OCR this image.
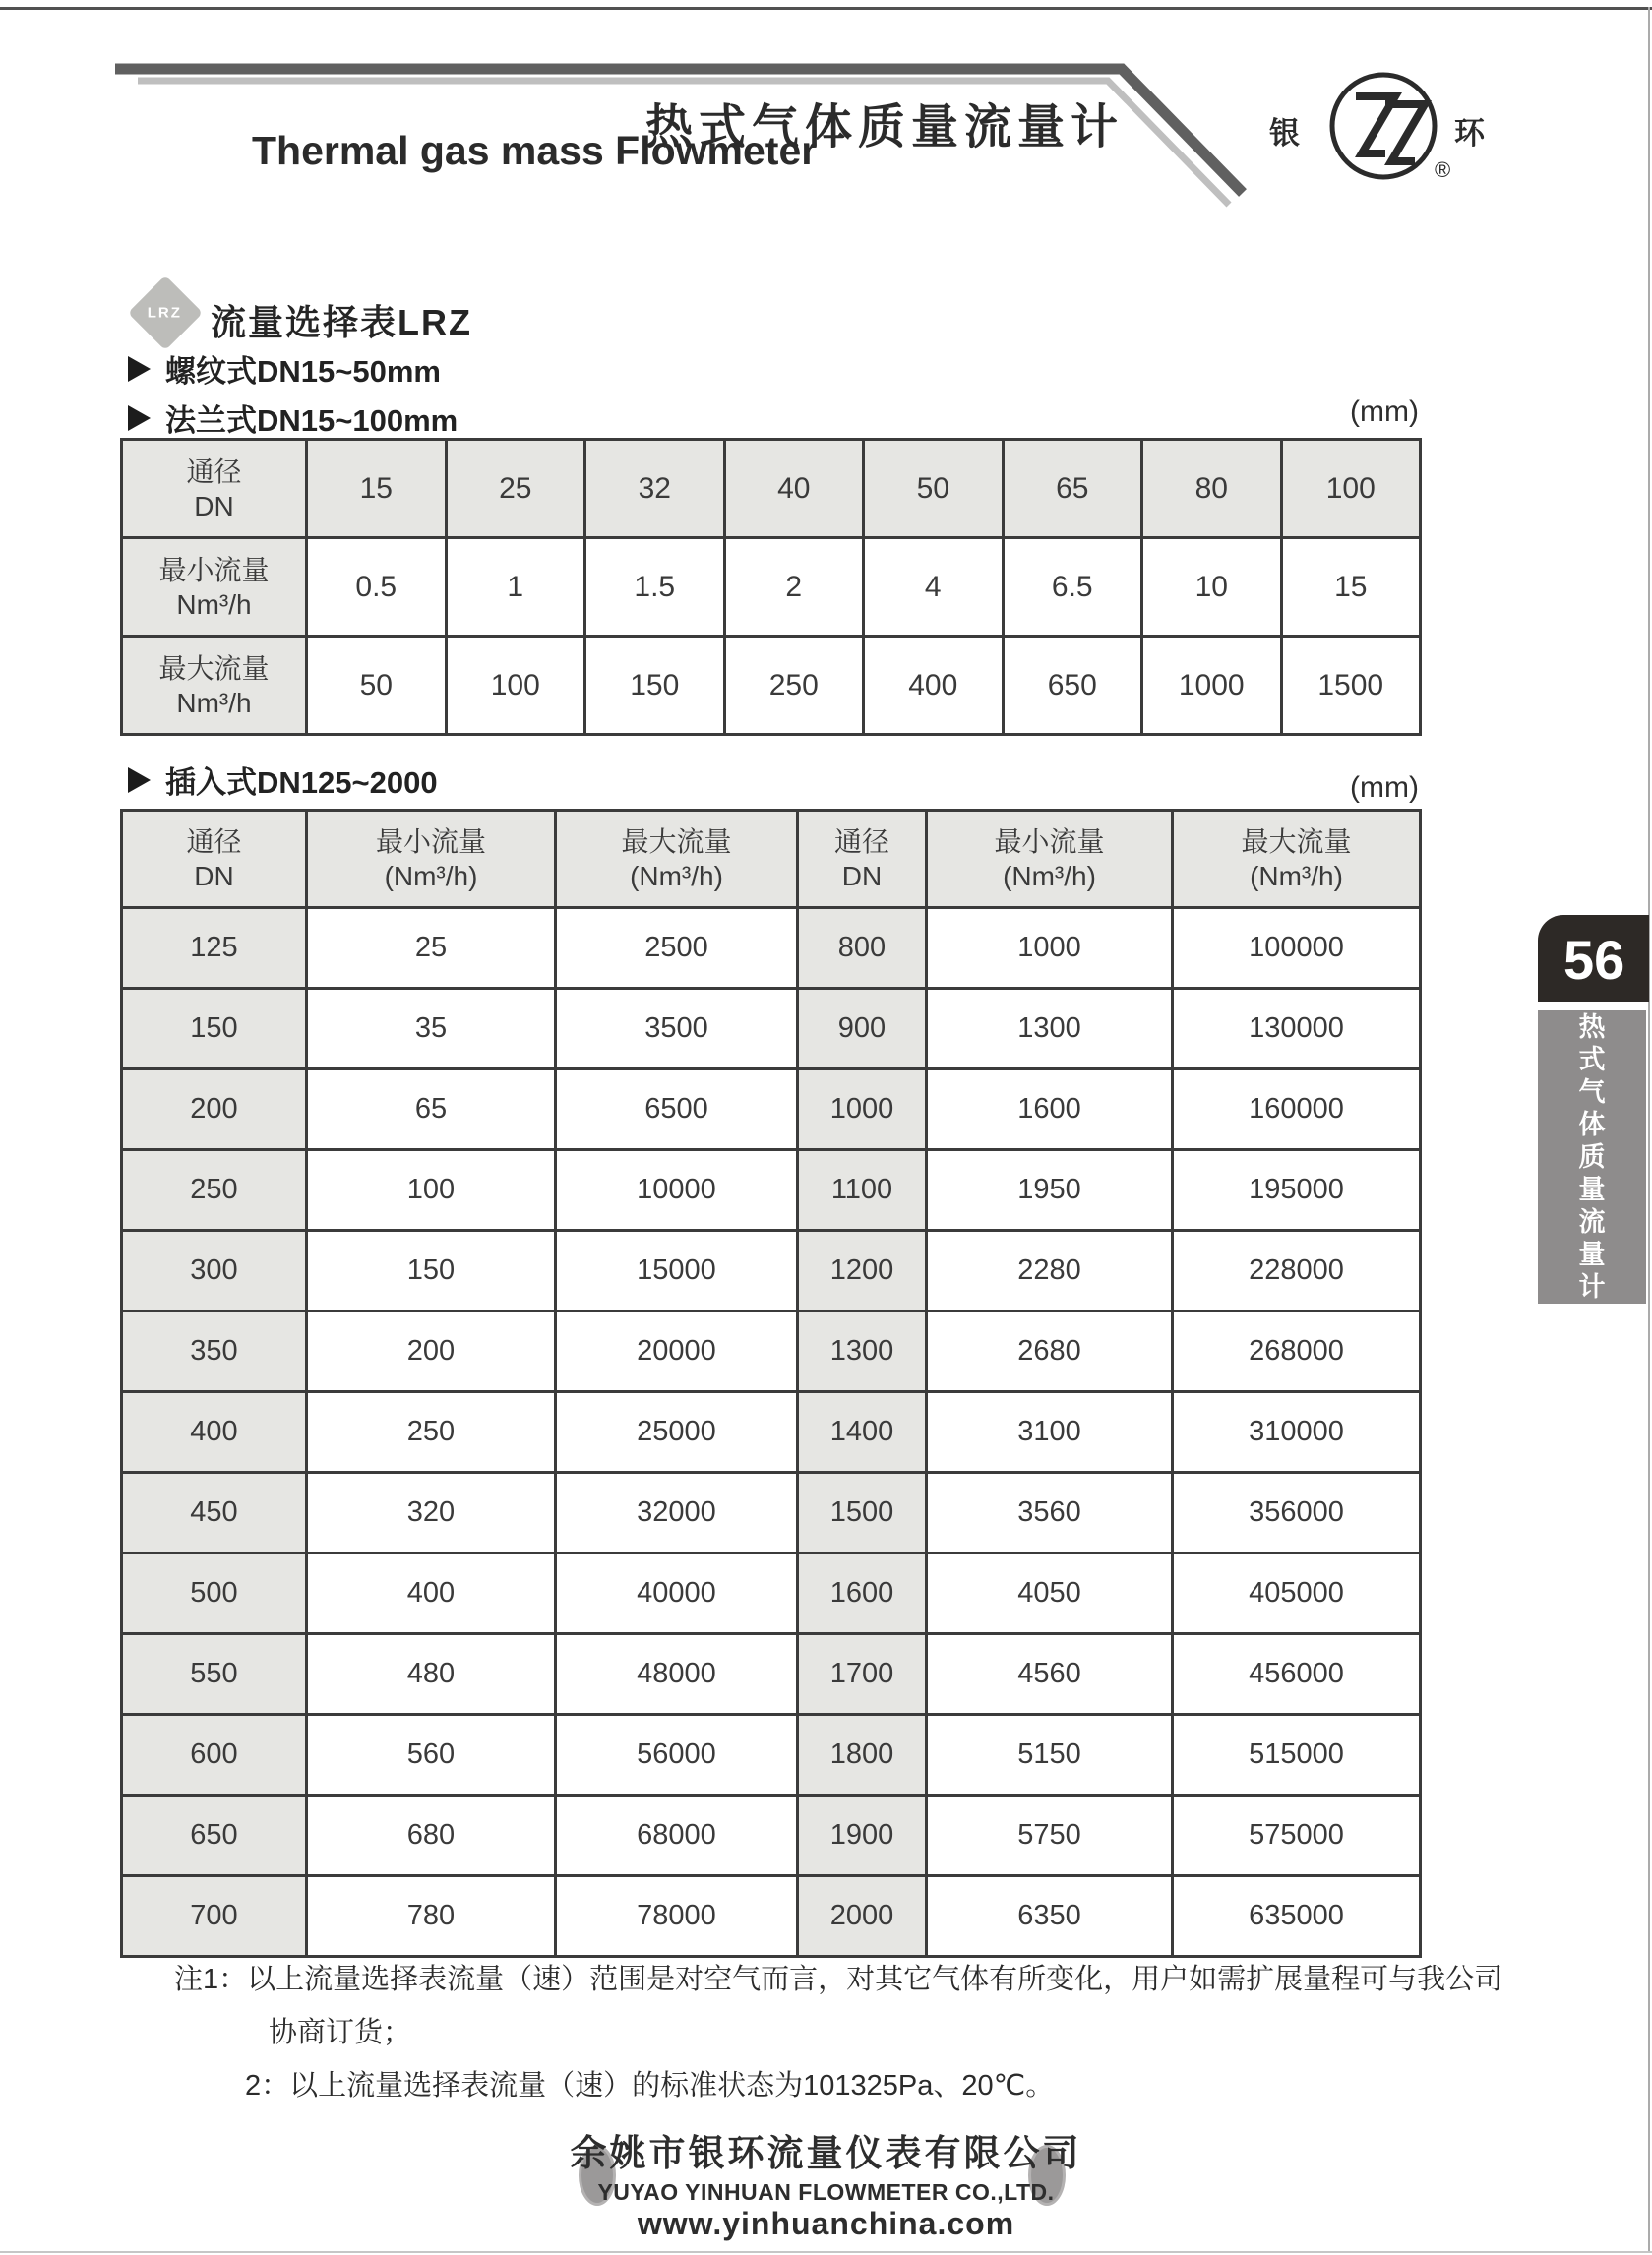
热式气体质量流量计
Thermal gas mass Flowmeter	银	环
®
LRZ 流量选择表LRZ
螺纹式DN15~50mm
法兰式DN15~100mm	(mm)
通径
DN	15	25	32	40	50	65	80	100

最小流量
Nm³/h	0.5	1	1.5	2	4	6.5	10	15

最大流量
Nm³/h	50	100	150	250	400	650	1000	1500
插入式DN125~2000	(mm)
通径
DN	最小流量
(Nm³/h)	最大流量
(Nm³/h)	通径
DN	最小流量
(Nm³/h)	最大流量
(Nm³/h)

125	25	2500	800	1000	100000
150	35	3500	900	1300	130000
200	65	6500	1000	1600	160000
250	100	10000	1100	1950	195000
300	150	15000	1200	2280	228000
350	200	20000	1300	2680	268000
400	250	25000	1400	3100	310000
450	320	32000	1500	3560	356000
500	400	40000	1600	4050	405000
550	480	48000	1700	4560	456000
600	560	56000	1800	5150	515000
650	680	68000	1900	5750	575000
700	780	78000	2000	6350	635000
注1：以上流量选择表流量（速）范围是对空气而言，对其它气体有所变化，用户如需扩展量程可与我公司
协商订货；
2：以上流量选择表流量（速）的标准状态为101325Pa、20℃。
余姚市银环流量仪表有限公司
YUYAO YINHUAN FLOWMETER CO.,LTD.
www.yinhuanchina.com
56
热
式
气
体
质
量
流
量
计
